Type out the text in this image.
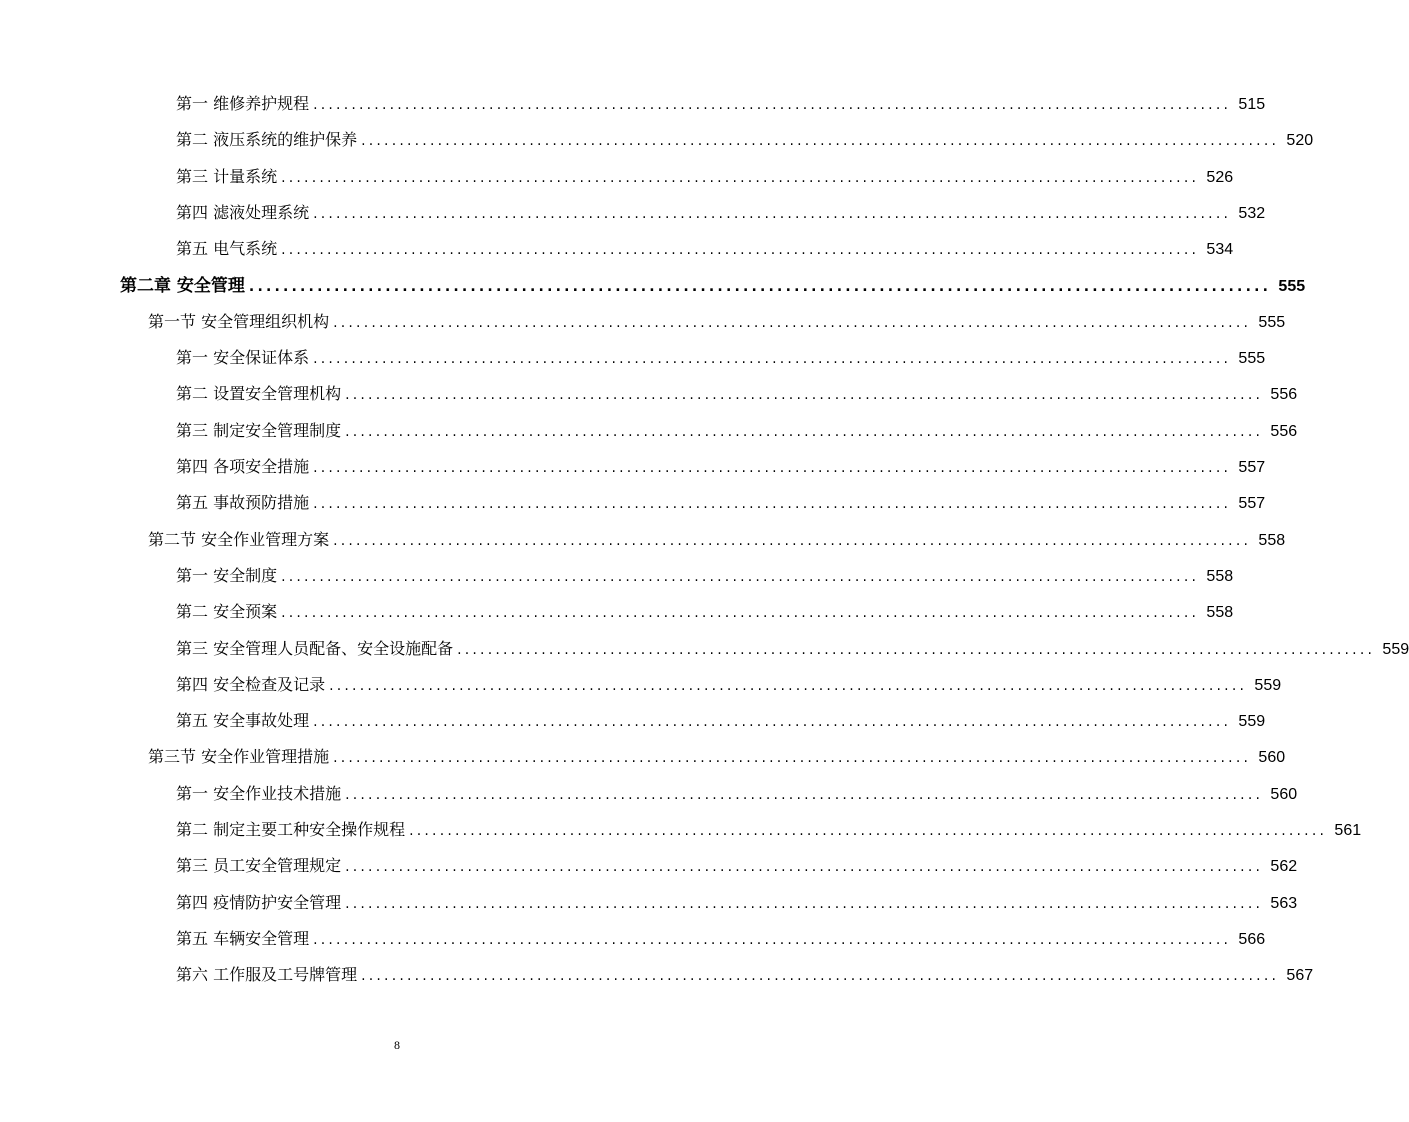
第一 维修养护规程 ........................................................................................................................ 515
第二 液压系统的维护保养 ........................................................................................................................ 520
第三 计量系统 ........................................................................................................................ 526
第四 滤液处理系统 ........................................................................................................................ 532
第五 电气系统 ........................................................................................................................ 534
第二章 安全管理 ........................................................................................................................ 555
第一节 安全管理组织机构 ........................................................................................................................ 555
第一 安全保证体系 ........................................................................................................................ 555
第二 设置安全管理机构 ........................................................................................................................ 556
第三 制定安全管理制度 ........................................................................................................................ 556
第四 各项安全措施 ........................................................................................................................ 557
第五 事故预防措施 ........................................................................................................................ 557
第二节 安全作业管理方案 ........................................................................................................................ 558
第一 安全制度 ........................................................................................................................ 558
第二 安全预案 ........................................................................................................................ 558
第三 安全管理人员配备、安全设施配备 ........................................................................................................................ 559
第四 安全检查及记录 ........................................................................................................................ 559
第五 安全事故处理 ........................................................................................................................ 559
第三节 安全作业管理措施 ........................................................................................................................ 560
第一 安全作业技术措施 ........................................................................................................................ 560
第二 制定主要工种安全操作规程 ........................................................................................................................ 561
第三 员工安全管理规定 ........................................................................................................................ 562
第四 疫情防护安全管理 ........................................................................................................................ 563
第五 车辆安全管理 ........................................................................................................................ 566
第六 工作服及工号牌管理 ........................................................................................................................ 567
8
